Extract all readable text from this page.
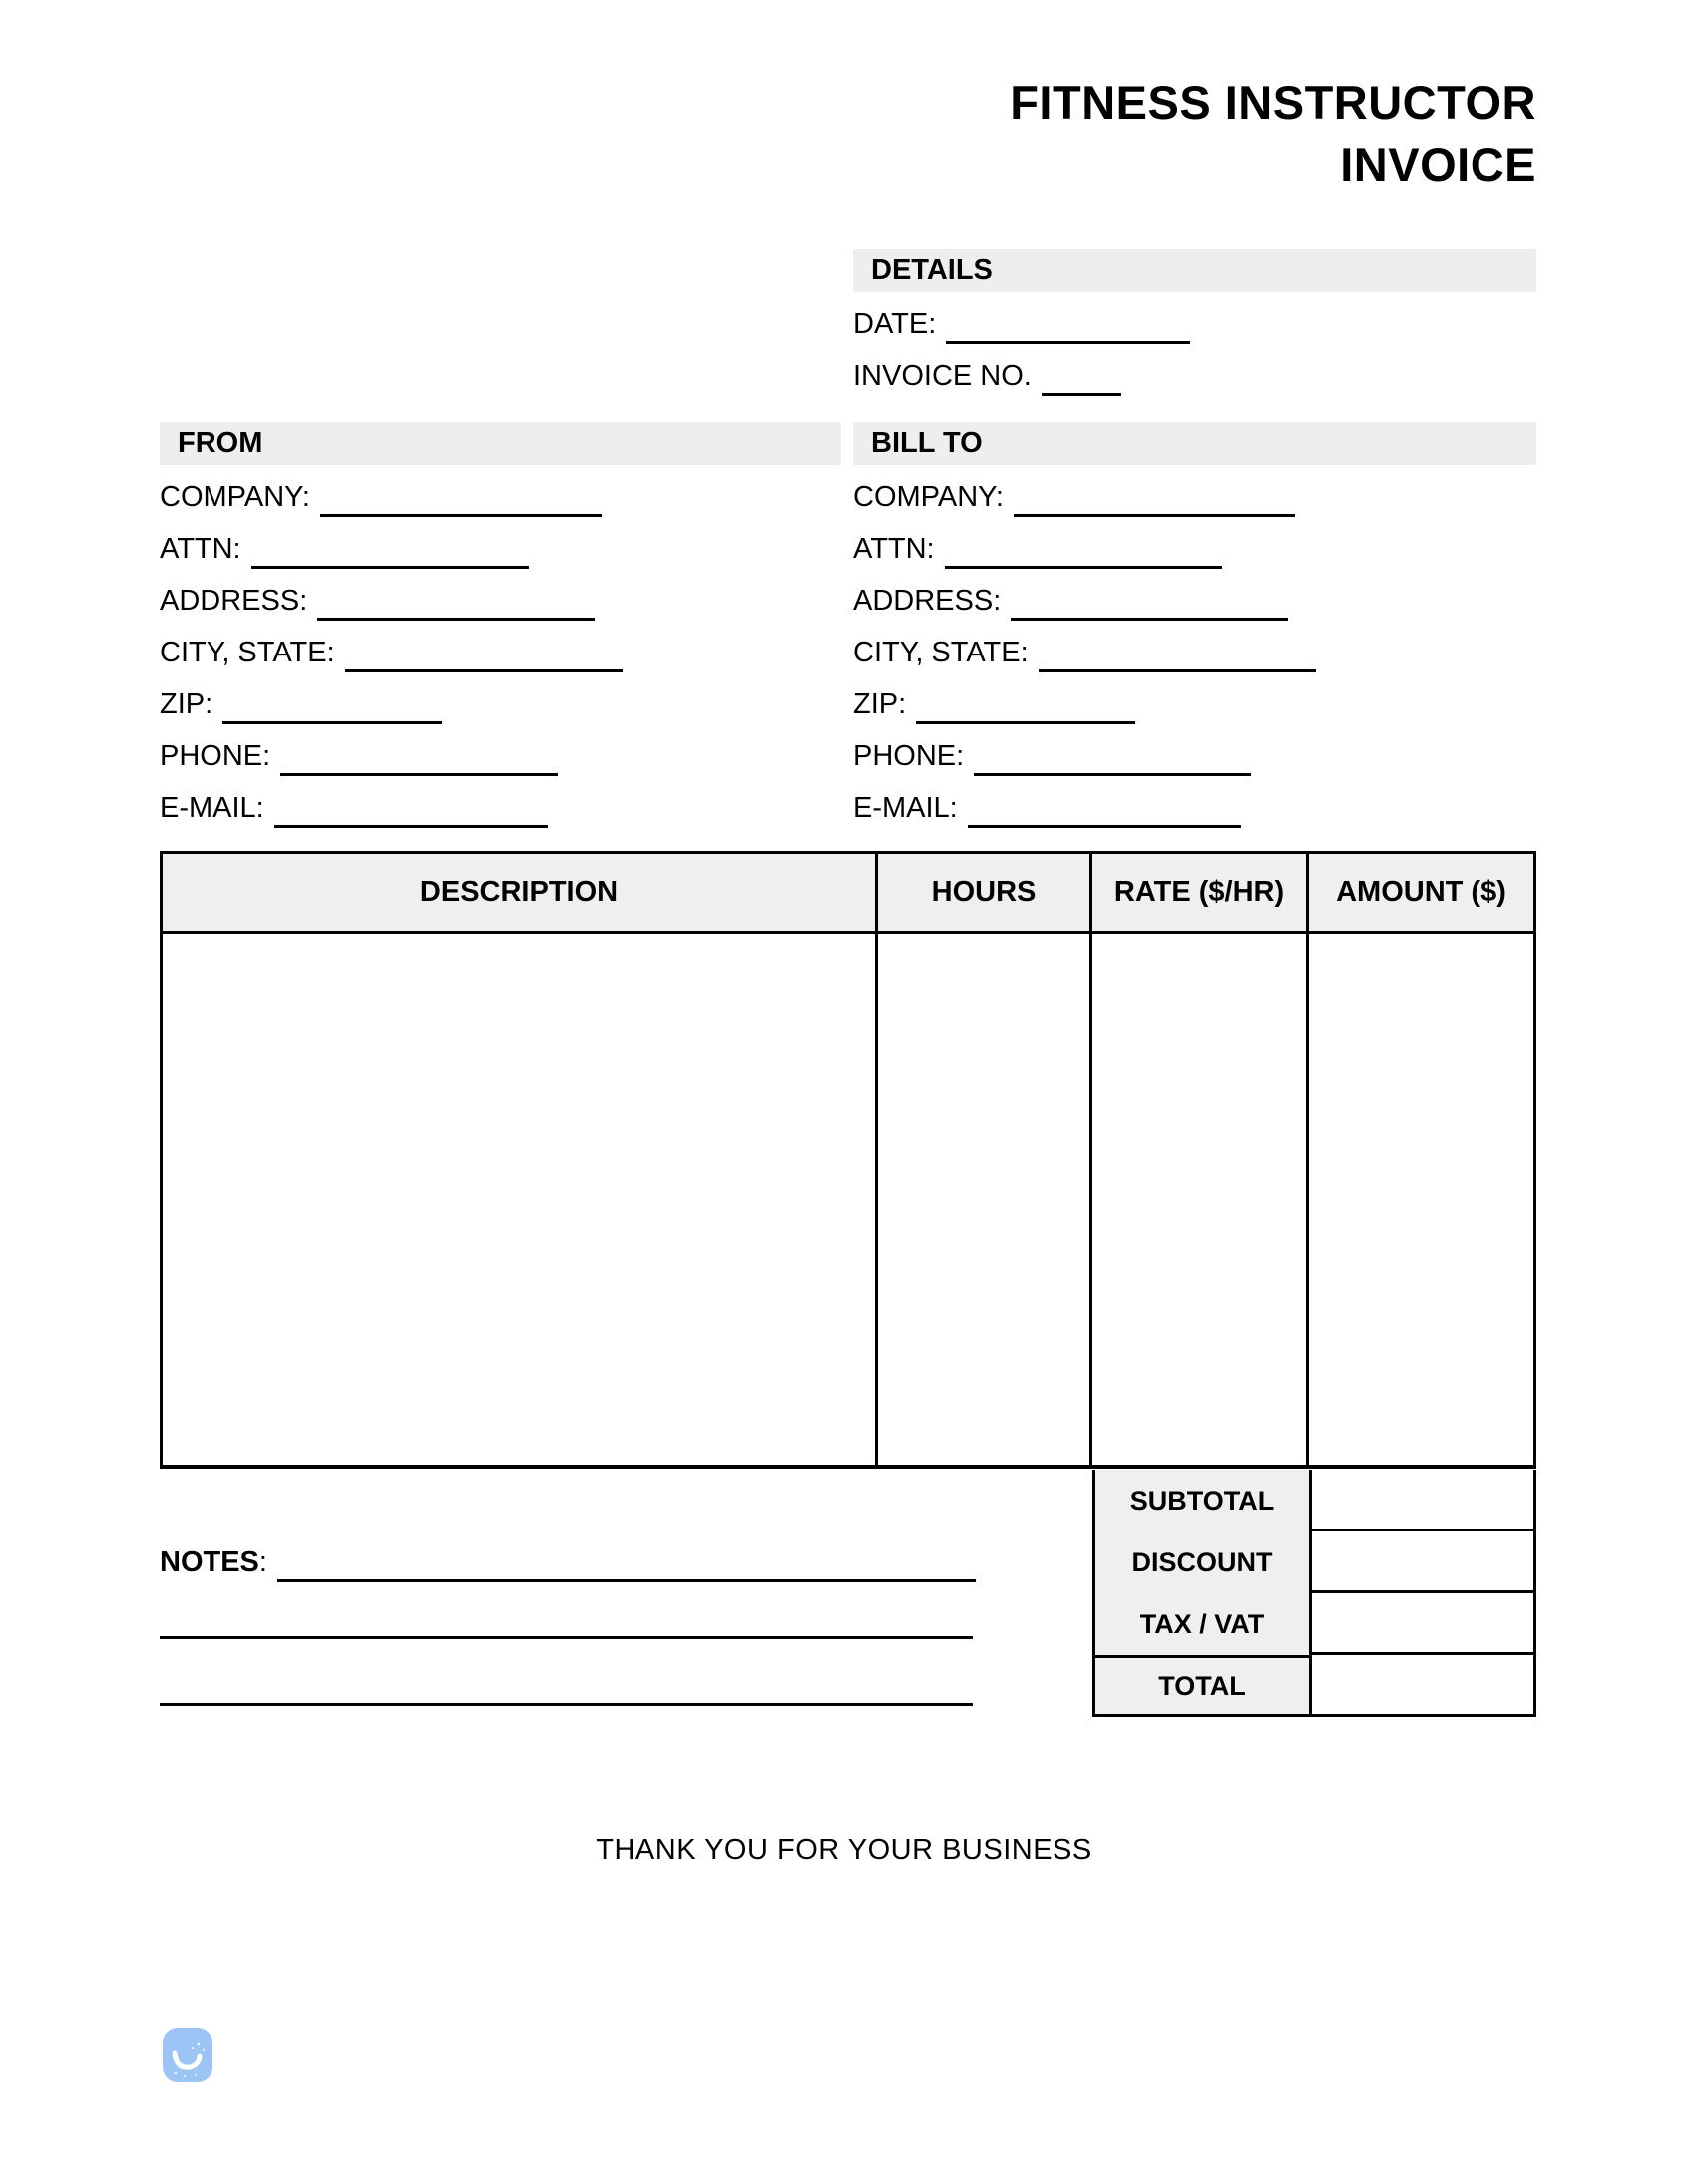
FITNESS INSTRUCTOR
INVOICE
DETAILS
DATE:
INVOICE NO.
FROM
COMPANY:
ATTN:
ADDRESS:
CITY, STATE:
ZIP:
PHONE:
E-MAIL:
BILL TO
COMPANY:
ATTN:
ADDRESS:
CITY, STATE:
ZIP:
PHONE:
E-MAIL:
DESCRIPTION	HOURS	RATE ($/HR)	AMOUNT ($)
SUBTOTAL
DISCOUNT
TAX / VAT
TOTAL
NOTES:
THANK YOU FOR YOUR BUSINESS
